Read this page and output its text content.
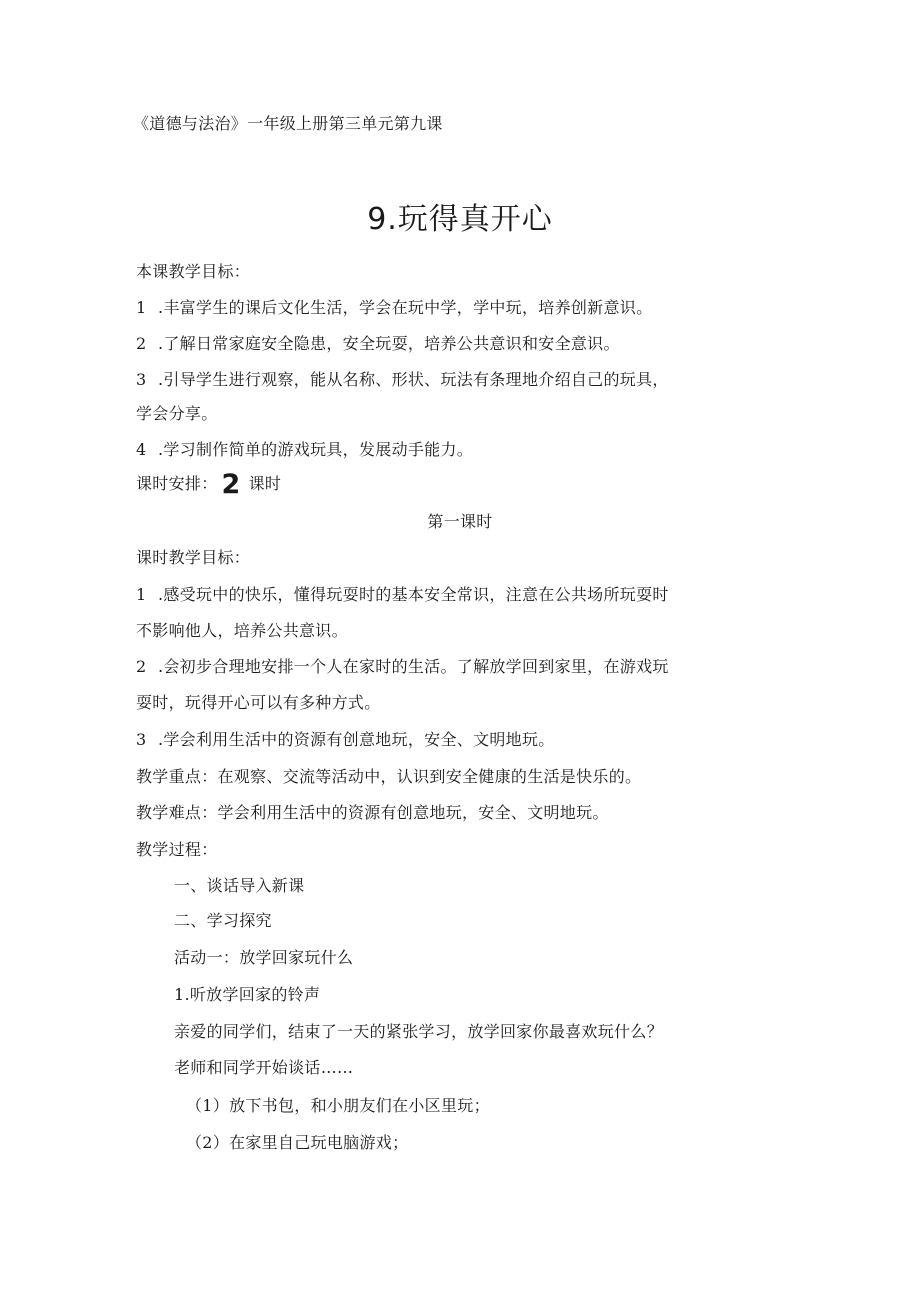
《道德与法治》一年级上册第三单元第九课
9.玩得真开心
本课教学目标：
1 .丰富学生的课后文化生活，学会在玩中学，学中玩，培养创新意识。
2 .了解日常家庭安全隐患，安全玩耍，培养公共意识和安全意识。
3 .引导学生进行观察，能从名称、形状、玩法有条理地介绍自己的玩具，
学会分享。
4 .学习制作简单的游戏玩具，发展动手能力。
课时安排： 2 课时
第一课时
课时教学目标：
1 .感受玩中的快乐，懂得玩耍时的基本安全常识，注意在公共场所玩耍时
不影响他人，培养公共意识。
2 .会初步合理地安排一个人在家时的生活。了解放学回到家里，在游戏玩
耍时，玩得开心可以有多种方式。
3 .学会利用生活中的资源有创意地玩，安全、文明地玩。
教学重点：在观察、交流等活动中，认识到安全健康的生活是快乐的。
教学难点：学会利用生活中的资源有创意地玩，安全、文明地玩。
教学过程：
一、谈话导入新课
二、学习探究
活动一：放学回家玩什么
1.听放学回家的铃声
亲爱的同学们，结束了一天的紧张学习，放学回家你最喜欢玩什么？
老师和同学开始谈话……
（1）放下书包，和小朋友们在小区里玩；
（2）在家里自己玩电脑游戏；
